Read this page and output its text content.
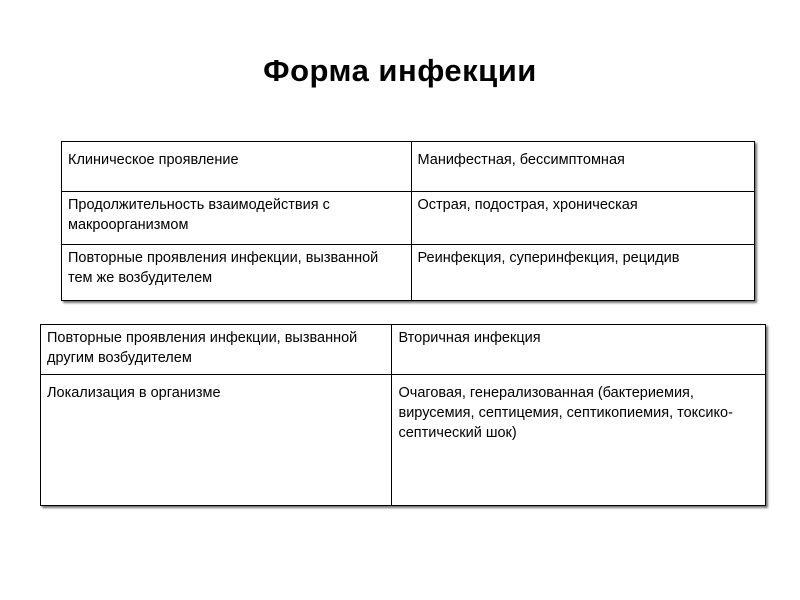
Форма инфекции
Клиническое проявление	Манифестная, бессимптомная
Продолжительность взаимодействия с макроорганизмом	Острая, подострая, хроническая
Повторные проявления инфекции, вызванной тем же возбудителем	Реинфекция, суперинфекция, рецидив
Повторные проявления инфекции, вызванной другим возбудителем	Вторичная инфекция
Локализация в организме	Очаговая, генерализованная (бактериемия, вирусемия, септицемия, септикопиемия, токсико-септический шок)
